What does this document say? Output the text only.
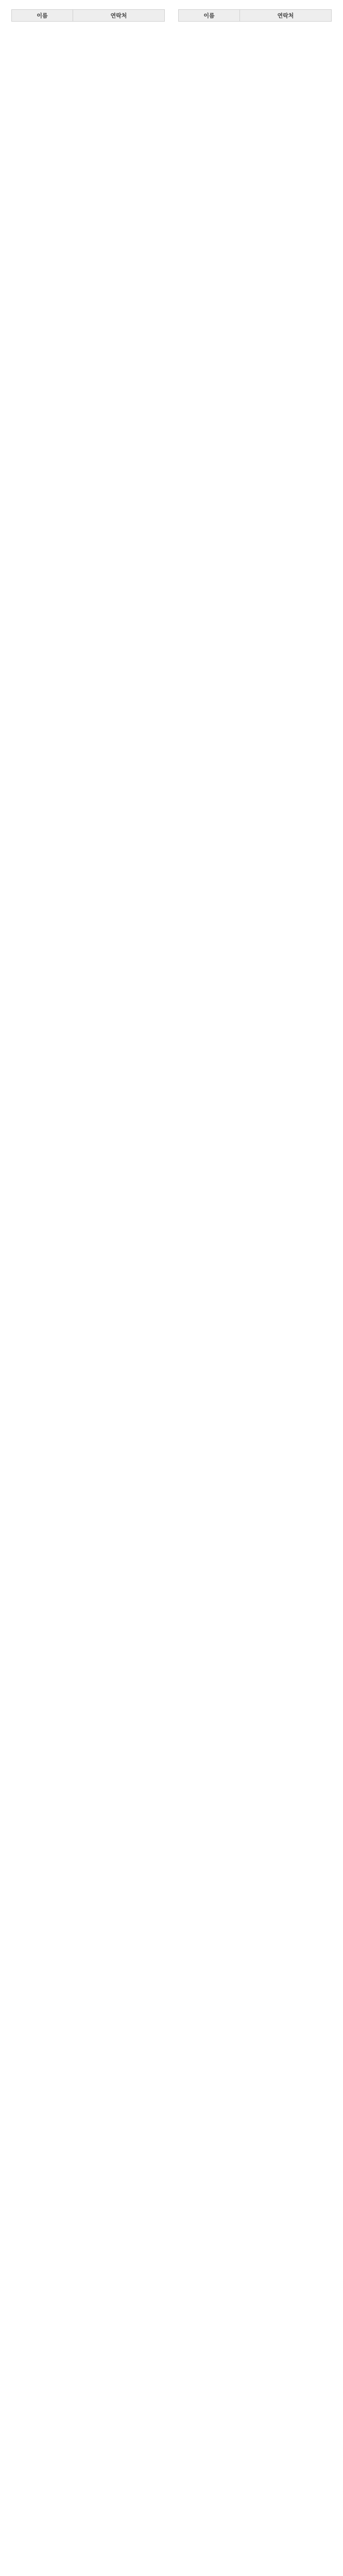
이름	연락처	이름	연락처
